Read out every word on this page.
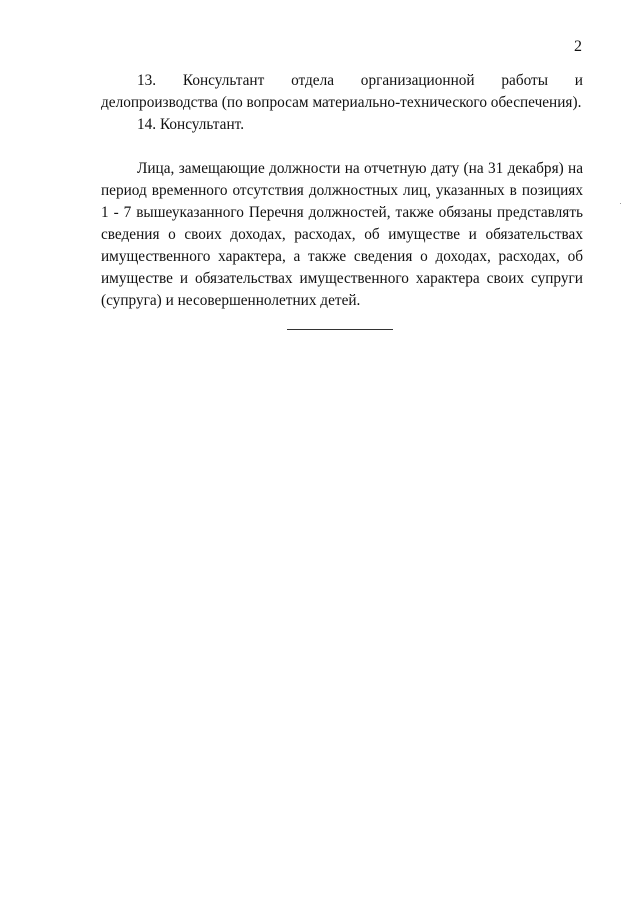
2

13. Консультант отдела организационной работы и делопроизводства (по вопросам материально-технического обеспечения).

14. Консультант.

Лица, замещающие должности на отчетную дату (на 31 декабря) на период временного отсутствия должностных лиц, указанных в позициях 1 - 7 вышеуказанного Перечня должностей, также обязаны представлять сведения о своих доходах, расходах, об имуществе и обязательствах имущественного характера, а также сведения о доходах, расходах, об имуществе и обязательствах имущественного характера своих супруги (супруга) и несовершеннолетних детей.
